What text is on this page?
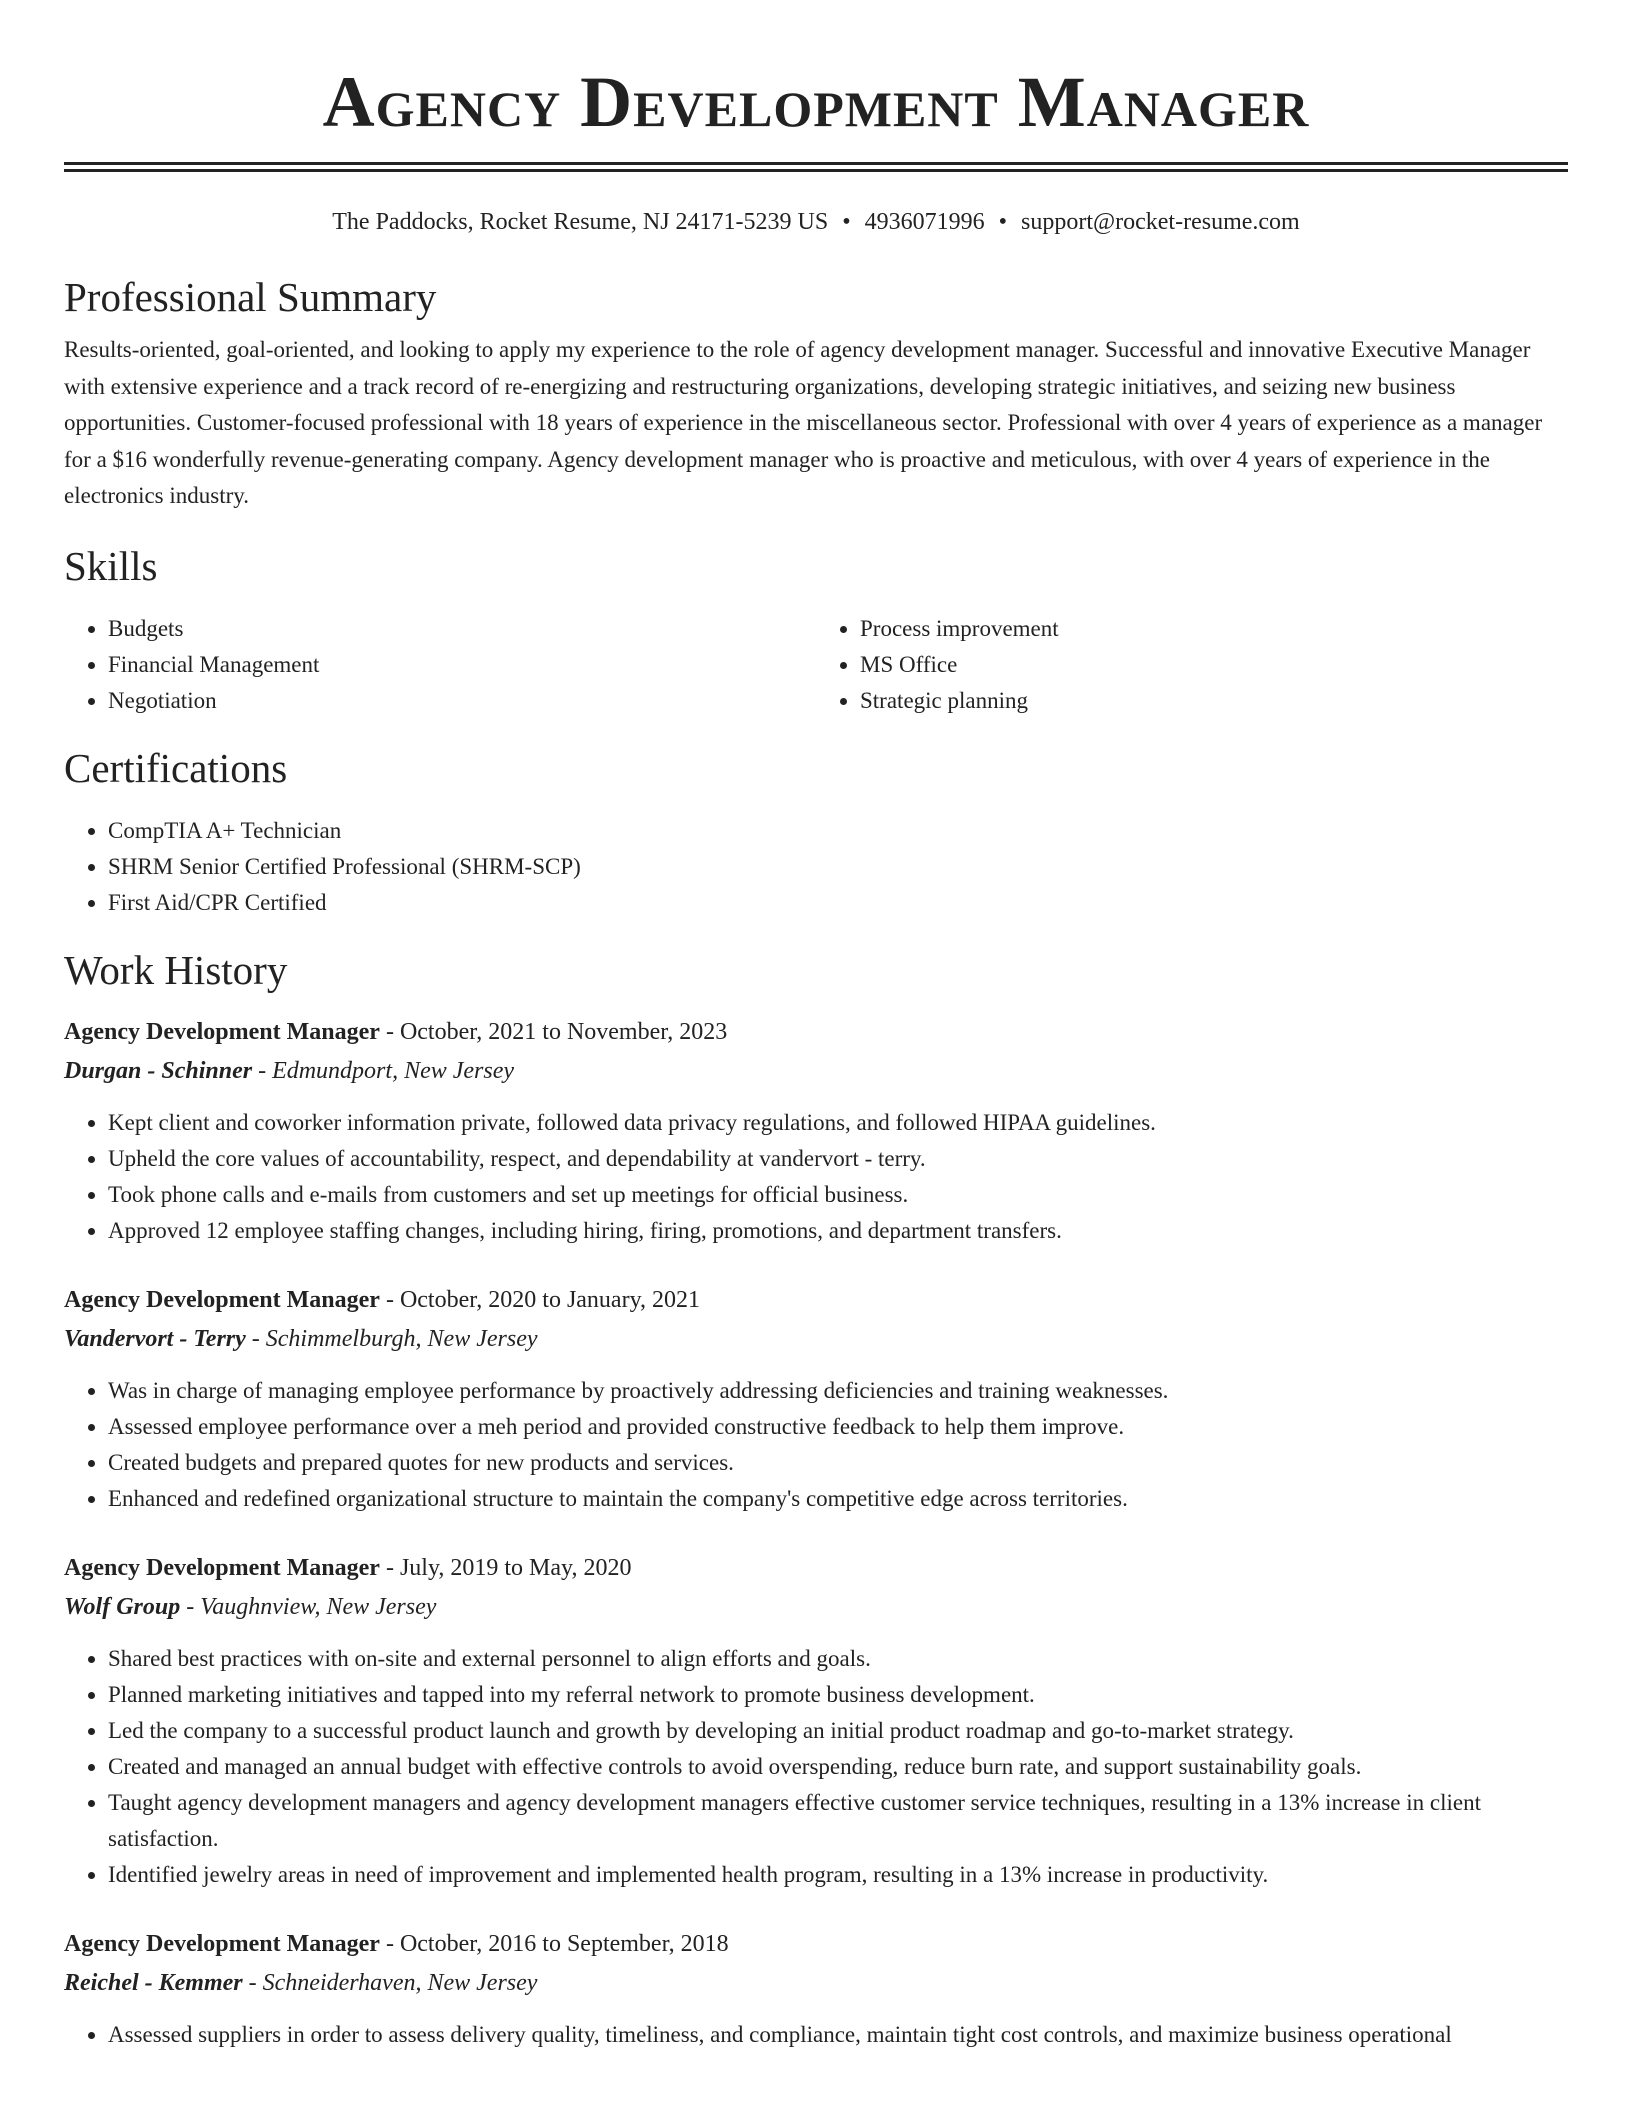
Agency Development Manager
The Paddocks, Rocket Resume, NJ 24171-5239 US • 4936071996 • support@rocket-resume.com
Professional Summary

Results-oriented, goal-oriented, and looking to apply my experience to the role of agency development manager. Successful and innovative Executive Manager with extensive experience and a track record of re-energizing and restructuring organizations, developing strategic initiatives, and seizing new business opportunities. Customer-focused professional with 18 years of experience in the miscellaneous sector. Professional with over 4 years of experience as a manager for a $16 wonderfully revenue-generating company. Agency development manager who is proactive and meticulous, with over 4 years of experience in the electronics industry.

Skills
• Budgets
• Financial Management
• Negotiation
• Process improvement
• MS Office
• Strategic planning
Certifications
• CompTIA A+ Technician
• SHRM Senior Certified Professional (SHRM-SCP)
• First Aid/CPR Certified
Work History
Agency Development Manager - October, 2021 to November, 2023
Durgan - Schinner - Edmundport, New Jersey
• Kept client and coworker information private, followed data privacy regulations, and followed HIPAA guidelines.
• Upheld the core values of accountability, respect, and dependability at vandervort - terry.
• Took phone calls and e-mails from customers and set up meetings for official business.
• Approved 12 employee staffing changes, including hiring, firing, promotions, and department transfers.
Agency Development Manager - October, 2020 to January, 2021
Vandervort - Terry - Schimmelburgh, New Jersey
• Was in charge of managing employee performance by proactively addressing deficiencies and training weaknesses.
• Assessed employee performance over a meh period and provided constructive feedback to help them improve.
• Created budgets and prepared quotes for new products and services.
• Enhanced and redefined organizational structure to maintain the company's competitive edge across territories.
Agency Development Manager - July, 2019 to May, 2020
Wolf Group - Vaughnview, New Jersey
• Shared best practices with on-site and external personnel to align efforts and goals.
• Planned marketing initiatives and tapped into my referral network to promote business development.
• Led the company to a successful product launch and growth by developing an initial product roadmap and go-to-market strategy.
• Created and managed an annual budget with effective controls to avoid overspending, reduce burn rate, and support sustainability goals.
• Taught agency development managers and agency development managers effective customer service techniques, resulting in a 13% increase in client satisfaction.
• Identified jewelry areas in need of improvement and implemented health program, resulting in a 13% increase in productivity.
Agency Development Manager - October, 2016 to September, 2018
Reichel - Kemmer - Schneiderhaven, New Jersey
• Assessed suppliers in order to assess delivery quality, timeliness, and compliance, maintain tight cost controls, and maximize business operational
